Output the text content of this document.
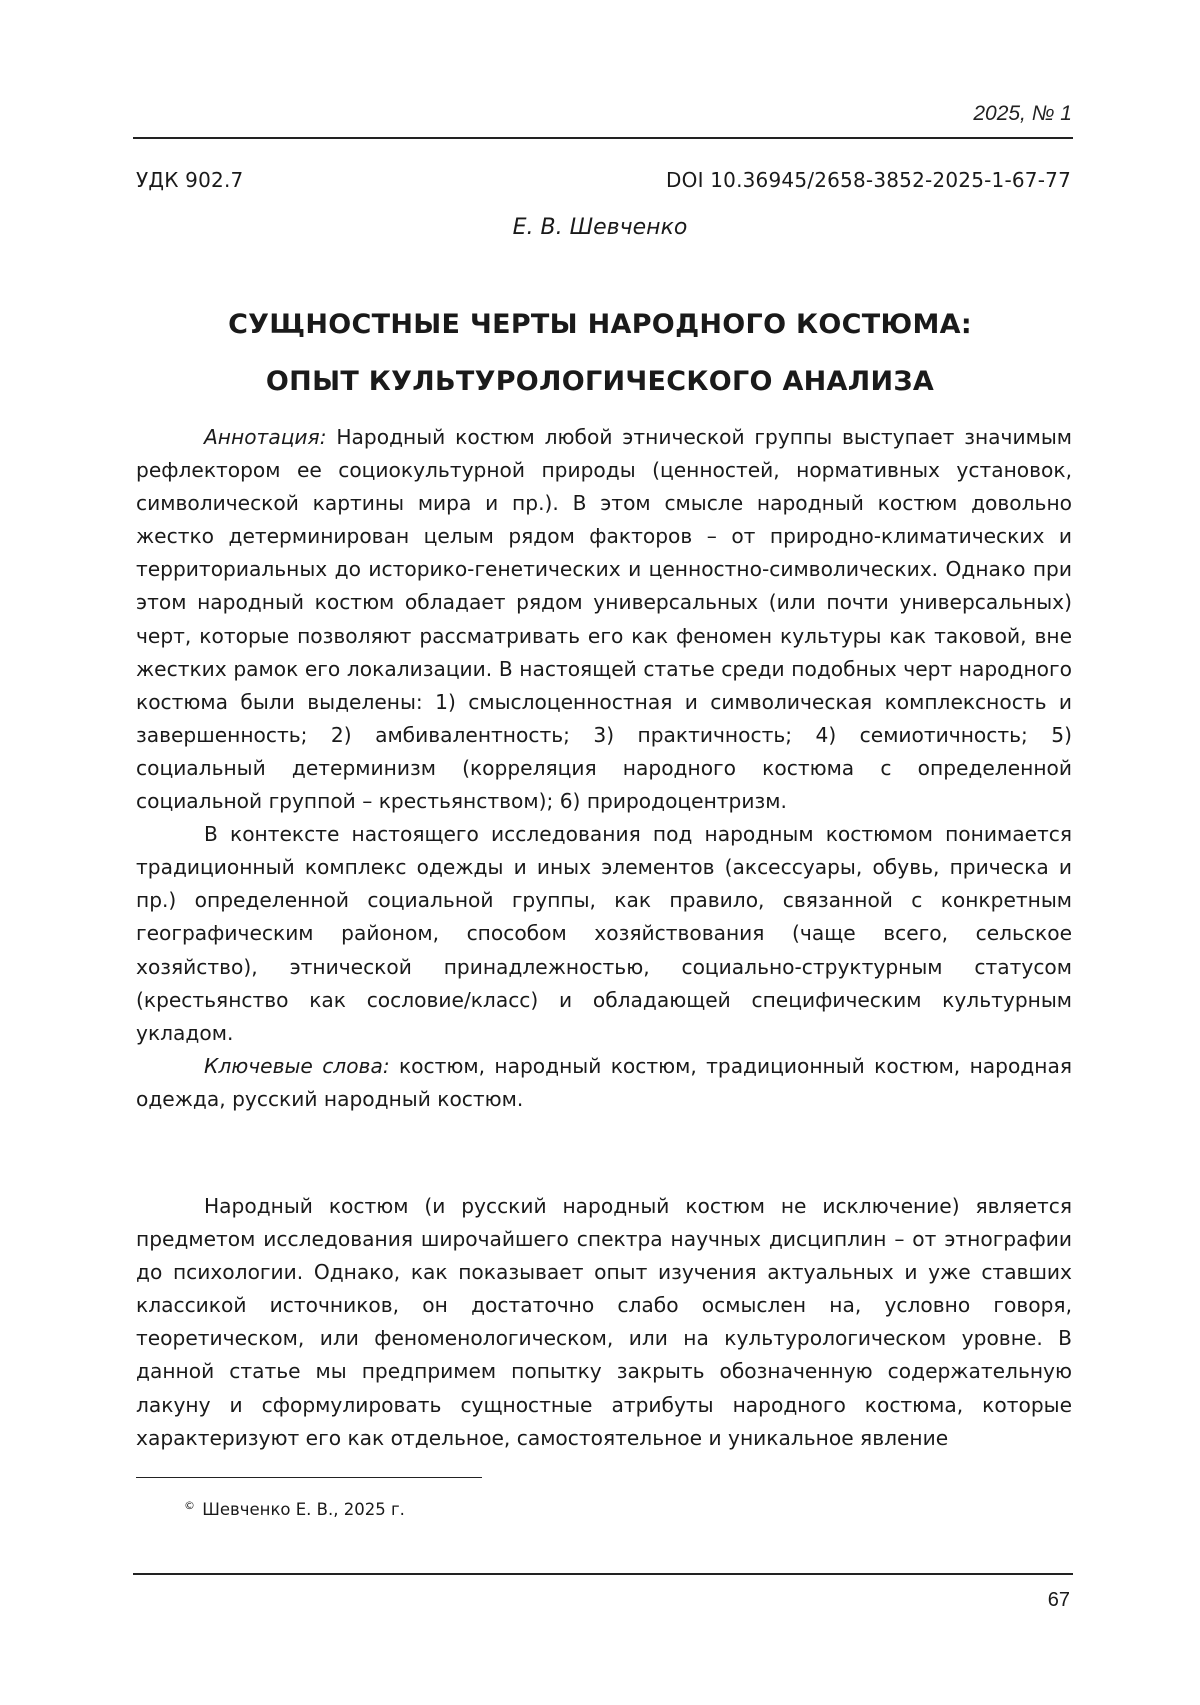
2025, № 1
УДК 902.7	DOI 10.36945/2658-3852-2025-1-67-77
Е. В. Шевченко
СУЩНОСТНЫЕ ЧЕРТЫ НАРОДНОГО КОСТЮМА:
ОПЫТ КУЛЬТУРОЛОГИЧЕСКОГО АНАЛИЗА

Аннотация: Народный костюм любой этнической группы выступает значимым рефлектором ее социокультурной природы (ценностей, нормативных установок, символической картины мира и пр.). В этом смысле народный костюм довольно жестко детерминирован целым рядом факторов – от природно-климатических и территориальных до историко-генетических и ценностно-символических. Однако при этом народный костюм обладает рядом универсальных (или почти универсальных) черт, которые позволяют рассматривать его как феномен культуры как таковой, вне жестких рамок его локализации. В настоящей статье среди подобных черт народного костюма были выделены: 1) смыслоценностная и символическая комплексность и завершенность; 2) амбивалентность; 3) практичность; 4) семиотичность; 5) социальный детерминизм (корреляция народного костюма с определенной социальной группой – крестьянством); 6) природоцентризм.

В контексте настоящего исследования под народным костюмом понимается традиционный комплекс одежды и иных элементов (аксессуары, обувь, прическа и пр.) определенной социальной группы, как правило, связанной с конкретным географическим районом, способом хозяйствования (чаще всего, сельское хозяйство), этнической принадлежностью, социально-структурным статусом (крестьянство как сословие/класс) и обладающей специфическим культурным укладом.

Ключевые слова: костюм, народный костюм, традиционный костюм, народная одежда, русский народный костюм.

Народный костюм (и русский народный костюм не исключение) является предметом исследования широчайшего спектра научных дисциплин – от этнографии до психологии. Однако, как показывает опыт изучения актуальных и уже ставших классикой источников, он достаточно слабо осмыслен на, условно говоря, теоретическом, или феноменологическом, или на культурологическом уровне. В данной статье мы предпримем попытку закрыть обозначенную содержательную лакуну и сформулировать сущностные атрибуты народного костюма, которые характеризуют его как отдельное, самостоятельное и уникальное явление

© Шевченко Е. В., 2025 г.
67
